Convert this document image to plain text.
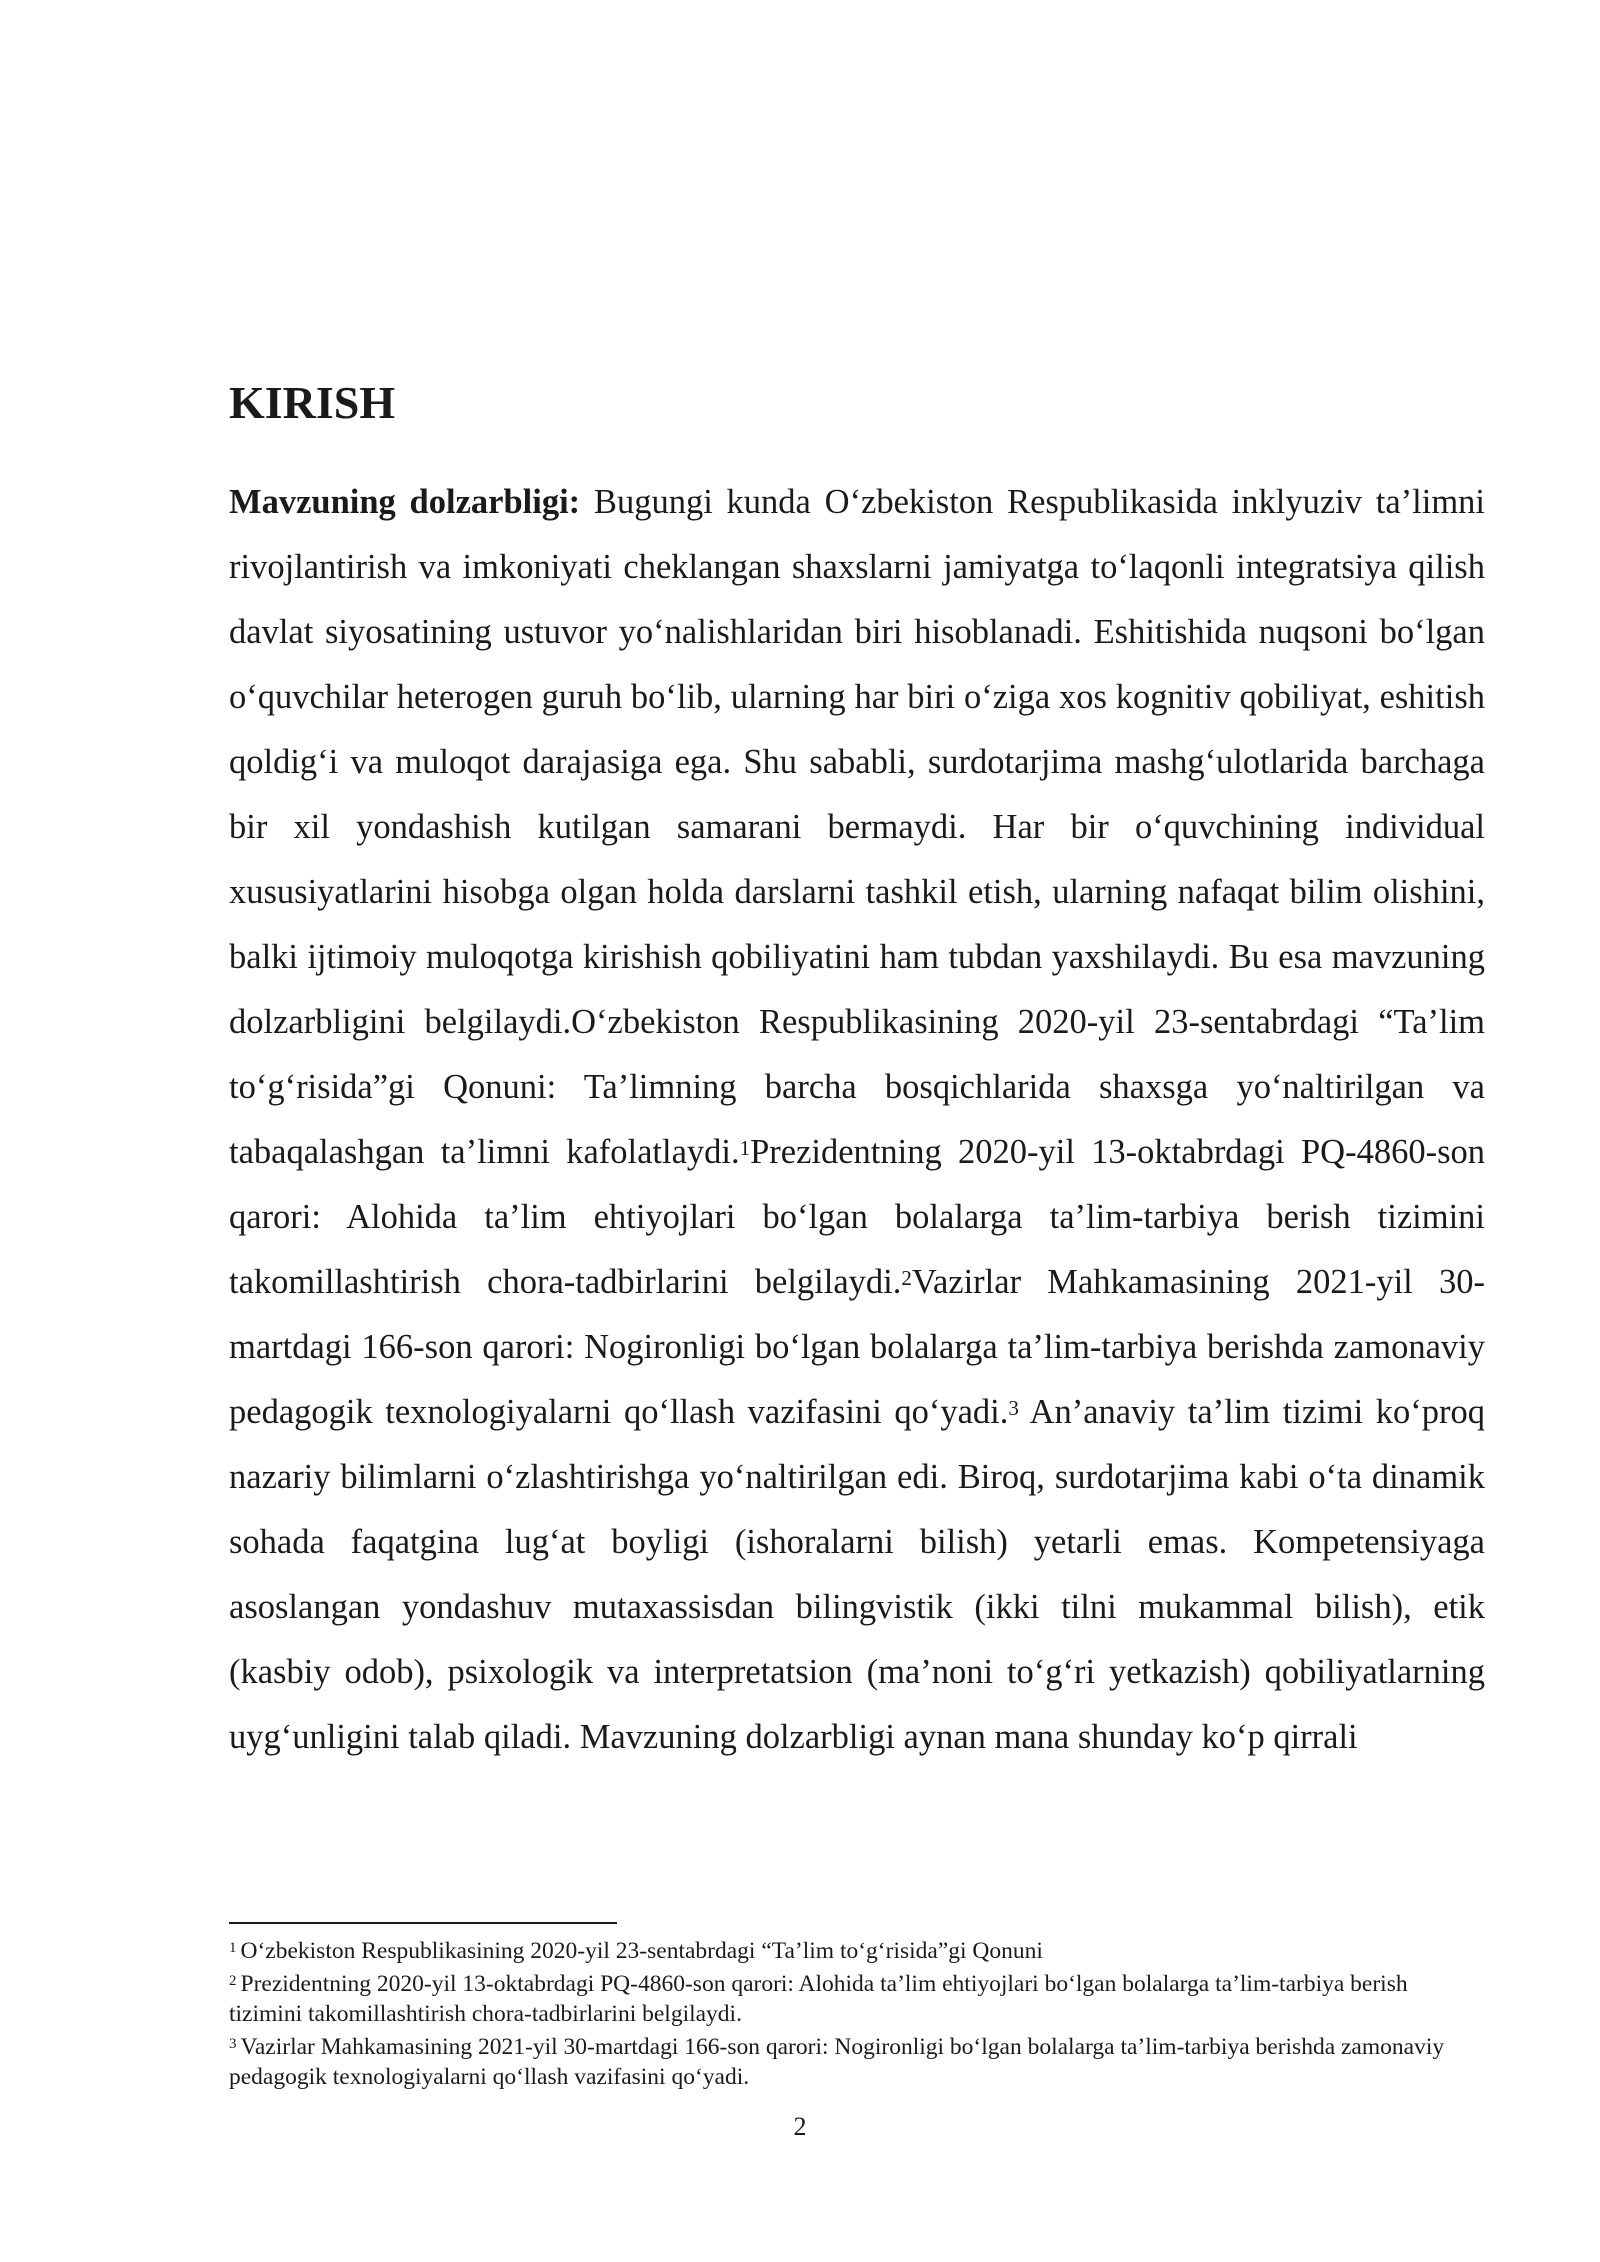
KIRISH

Mavzuning dolzarbligi: Bugungi kunda O‘zbekiston Respublikasida inklyuziv ta’limni rivojlantirish va imkoniyati cheklangan shaxslarni jamiyatga to‘laqonli integratsiya qilish davlat siyosatining ustuvor yo‘nalishlaridan biri hisoblanadi. Eshitishida nuqsoni bo‘lgan o‘quvchilar heterogen guruh bo‘lib, ularning har biri o‘ziga xos kognitiv qobiliyat, eshitish qoldig‘i va muloqot darajasiga ega. Shu sababli, surdotarjima mashg‘ulotlarida barchaga bir xil yondashish kutilgan samarani bermaydi. Har bir o‘quvchining individual xususiyatlarini hisobga olgan holda darslarni tashkil etish, ularning nafaqat bilim olishini, balki ijtimoiy muloqotga kirishish qobiliyatini ham tubdan yaxshilaydi. Bu esa mavzuning dolzarbligini belgilaydi.O‘zbekiston Respublikasining 2020-yil 23-sentabrdagi “Ta’lim to‘g‘risida”gi Qonuni: Ta’limning barcha bosqichlarida shaxsga yo‘naltirilgan va tabaqalashgan ta’limni kafolatlaydi.$^1$Prezidentning 2020-yil 13-oktabrdagi PQ-4860-son qarori: Alohida ta’lim ehtiyojlari bo‘lgan bolalarga ta’lim-tarbiya berish tizimini takomillashtirish chora-tadbirlarini belgilaydi.$^2$Vazirlar Mahkamasining 2021-yil 30-martdagi 166-son qarori: Nogironligi bo‘lgan bolalarga ta’lim-tarbiya berishda zamonaviy pedagogik texnologiyalarni qo‘llash vazifasini qo‘yadi.$^3$ An’anaviy ta’lim tizimi ko‘proq nazariy bilimlarni o‘zlashtirishga yo‘naltirilgan edi. Biroq, surdotarjima kabi o‘ta dinamik sohada faqatgina lug‘at boyligi (ishoralarni bilish) yetarli emas. Kompetensiyaga asoslangan yondashuv mutaxassisdan bilingvistik (ikki tilni mukammal bilish), etik (kasbiy odob), psixologik va interpretatsion (ma’noni to‘g‘ri yetkazish) qobiliyatlarning uyg‘unligini talab qiladi. Mavzuning dolzarbligi aynan mana shunday ko‘p qirrali

$^1$ O‘zbekiston Respublikasining 2020-yil 23-sentabrdagi “Ta’lim to‘g‘risida”gi Qonuni

$^2$ Prezidentning 2020-yil 13-oktabrdagi PQ-4860-son qarori: Alohida ta’lim ehtiyojlari bo‘lgan bolalarga ta’lim-tarbiya berish tizimini takomillashtirish chora-tadbirlarini belgilaydi.

$^3$ Vazirlar Mahkamasining 2021-yil 30-martdagi 166-son qarori: Nogironligi bo‘lgan bolalarga ta’lim-tarbiya berishda zamonaviy pedagogik texnologiyalarni qo‘llash vazifasini qo‘yadi.

2
